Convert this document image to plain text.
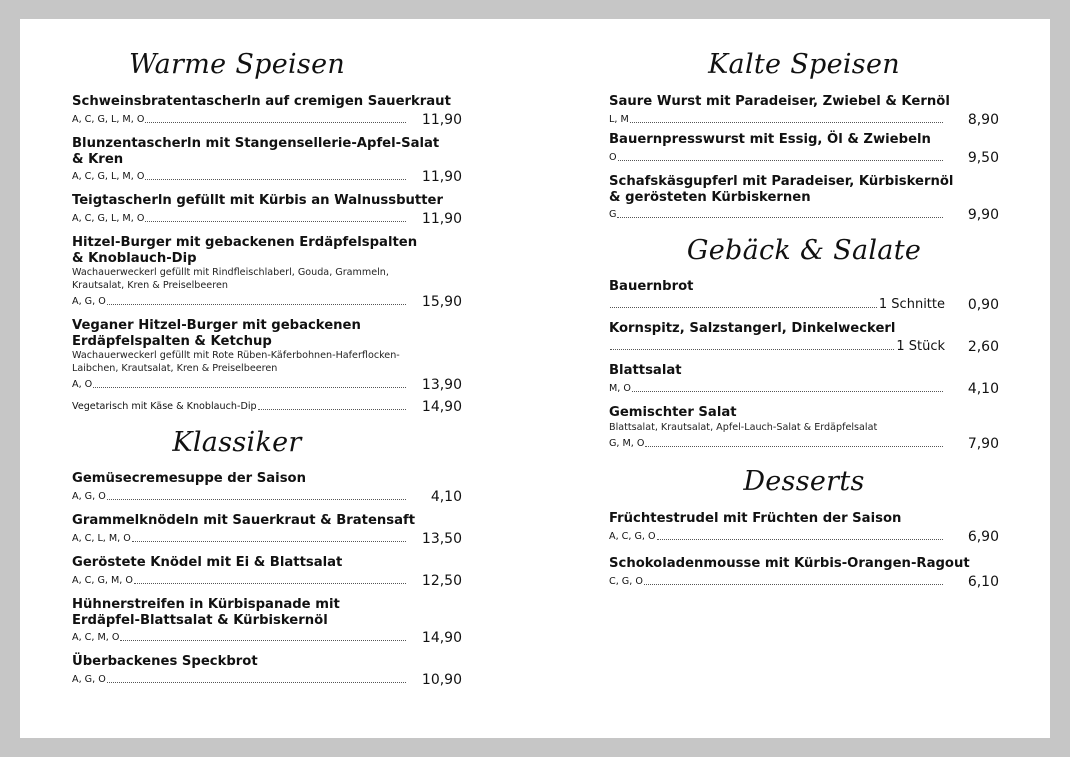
Warme Speisen
Schweinsbratentascherln auf cremigen Sauerkraut
A, C, G, L, M, O	11,90
Blunzentascherln mit Stangensellerie-Apfel-Salat
& Kren
A, C, G, L, M, O	11,90
Teigtascherln gefüllt mit Kürbis an Walnussbutter
A, C, G, L, M, O	11,90
Hitzel-Burger mit gebackenen Erdäpfelspalten
& Knoblauch-Dip
Wachauerweckerl gefüllt mit Rindfleischlaberl, Gouda, Grammeln,
Krautsalat, Kren & Preiselbeeren
A, G, O	15,90
Veganer Hitzel-Burger mit gebackenen
Erdäpfelspalten & Ketchup
Wachauerweckerl gefüllt mit Rote Rüben-Käferbohnen-Haferflocken-
Laibchen, Krautsalat, Kren & Preiselbeeren
A, O	13,90
Vegetarisch mit Käse & Knoblauch-Dip	14,90
Klassiker
Gemüsecremesuppe der Saison
A, G, O	4,10
Grammelknödeln mit Sauerkraut & Bratensaft
A, C, L, M, O	13,50
Geröstete Knödel mit Ei & Blattsalat
A, C, G, M, O	12,50
Hühnerstreifen in Kürbispanade mit
Erdäpfel-Blattsalat & Kürbiskernöl
A, C, M, O	14,90
Überbackenes Speckbrot
A, G, O	10,90
Kalte Speisen
Saure Wurst mit Paradeiser, Zwiebel & Kernöl
L, M	8,90
Bauernpresswurst mit Essig, Öl & Zwiebeln
O	9,50
Schafskäsgupferl mit Paradeiser, Kürbiskernöl
& gerösteten Kürbiskernen
G	9,90
Gebäck & Salate
Bauernbrot
1 Schnitte	0,90
Kornspitz, Salzstangerl, Dinkelweckerl
1 Stück	2,60
Blattsalat
M, O	4,10
Gemischter Salat
Blattsalat, Krautsalat, Apfel-Lauch-Salat & Erdäpfelsalat
G, M, O	7,90
Desserts
Früchtestrudel mit Früchten der Saison
A, C, G, O	6,90
Schokoladenmousse mit Kürbis-Orangen-Ragout
C, G, O	6,10
